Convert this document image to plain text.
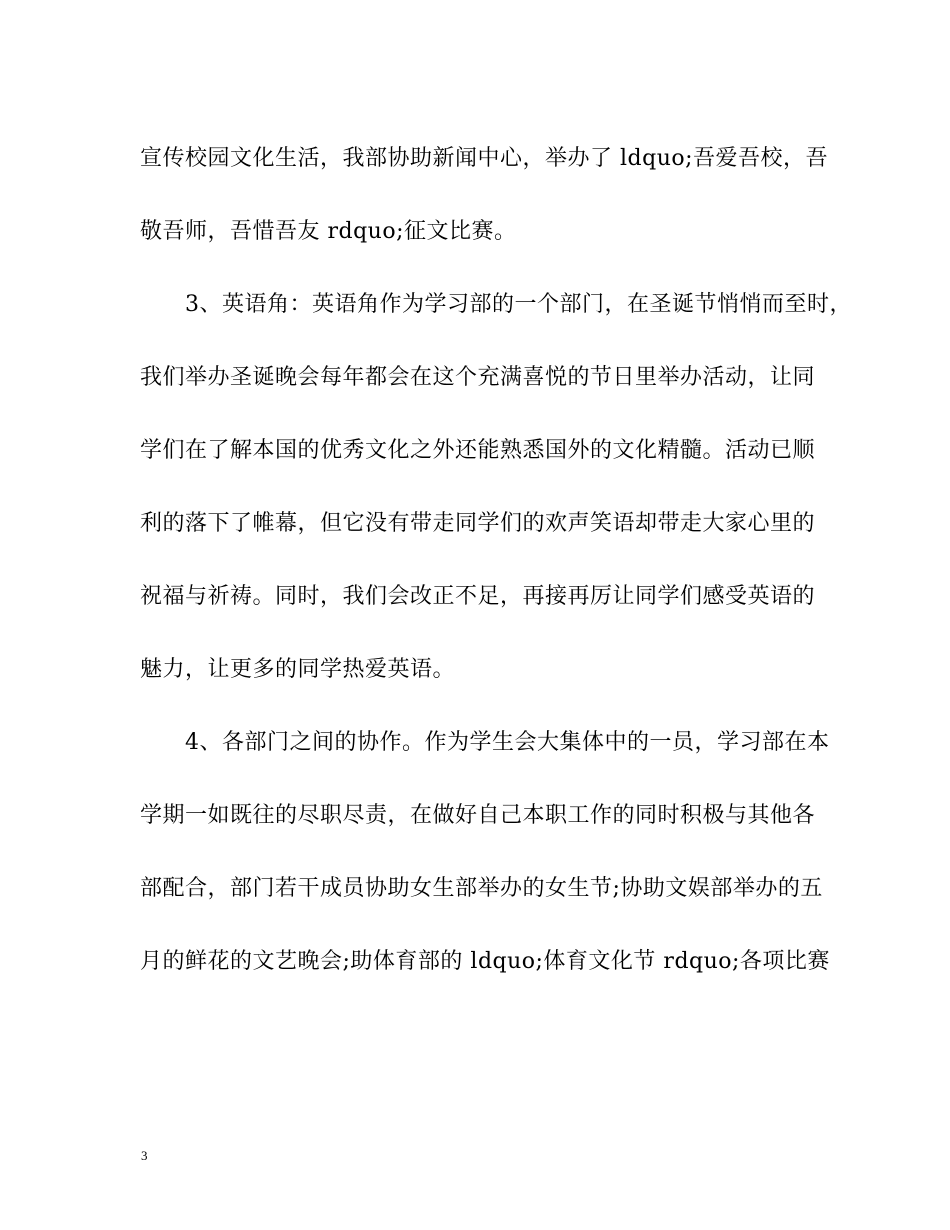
宣传校园文化生活，我部协助新闻中心，举办了 ldquo;吾爱吾校，吾
敬吾师，吾惜吾友 rdquo;征文比赛。
　　3、英语角：英语角作为学习部的一个部门，在圣诞节悄悄而至时，
我们举办圣诞晚会每年都会在这个充满喜悦的节日里举办活动，让同
学们在了解本国的优秀文化之外还能熟悉国外的文化精髓。活动已顺
利的落下了帷幕，但它没有带走同学们的欢声笑语却带走大家心里的
祝福与祈祷。同时，我们会改正不足，再接再厉让同学们感受英语的
魅力，让更多的同学热爱英语。
　　4、各部门之间的协作。作为学生会大集体中的一员，学习部在本
学期一如既往的尽职尽责，在做好自己本职工作的同时积极与其他各
部配合，部门若干成员协助女生部举办的女生节;协助文娱部举办的五
月的鲜花的文艺晚会;助体育部的 ldquo;体育文化节 rdquo;各项比赛
3
